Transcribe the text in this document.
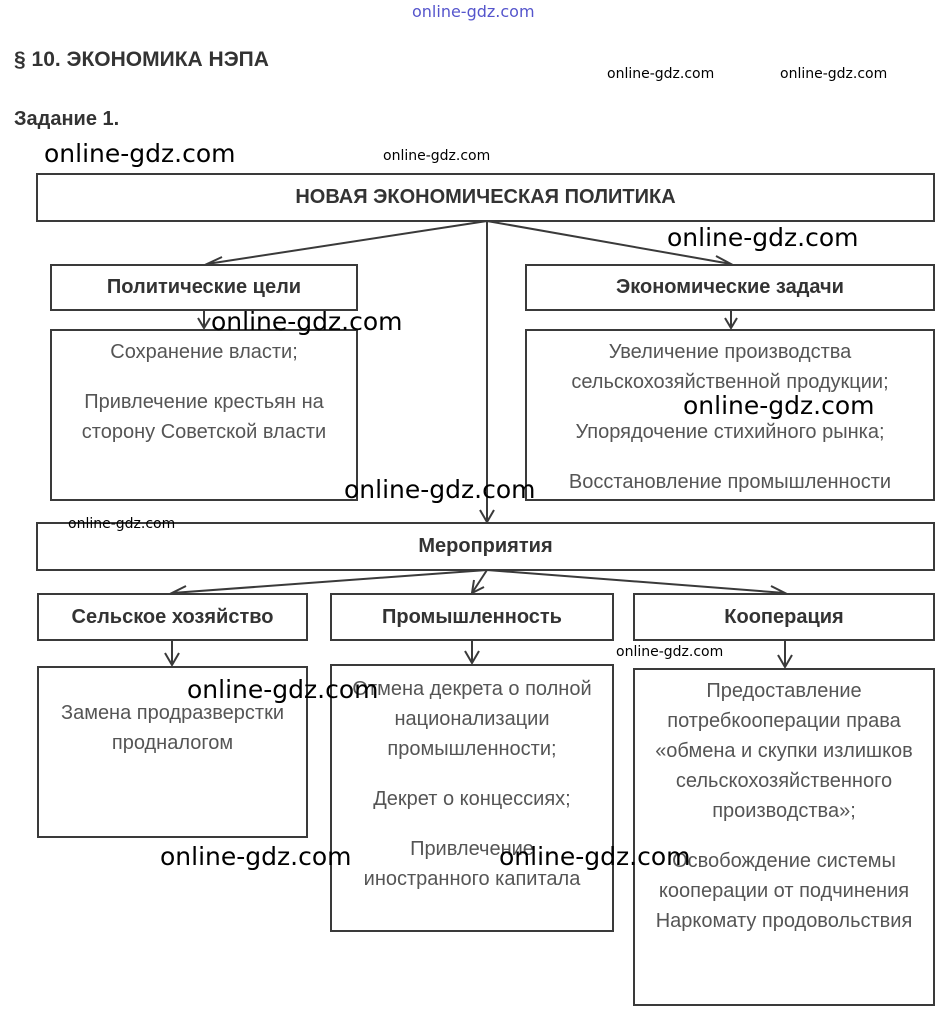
online-gdz.com
§ 10. ЭКОНОМИКА НЭПА
Задание 1.
НОВАЯ ЭКОНОМИЧЕСКАЯ ПОЛИТИКА
Политические цели
Сохранение власти;
Привлечение крестьян на сторону Советской власти
Экономические задачи
Увеличение производства сельскохозяйственной продукции;
Упорядочение стихийного рынка;
Восстановление промышленности
Мероприятия
Сельское хозяйство
Замена продразверстки продналогом
Промышленность
Отмена декрета о полной национализации промышленности;
Декрет о концессиях;
Привлечение иностранного капитала
Кооперация
Предоставление потребкооперации права «обмена и скупки излишков сельскохозяйственного производства»;
Освобождение системы кооперации от подчинения Наркомату продовольствия
online-gdz.com	online-gdz.com
online-gdz.com	online-gdz.com
online-gdz.com
online-gdz.com
online-gdz.com
online-gdz.com
online-gdz.com
online-gdz.com
online-gdz.com
online-gdz.com	online-gdz.com
